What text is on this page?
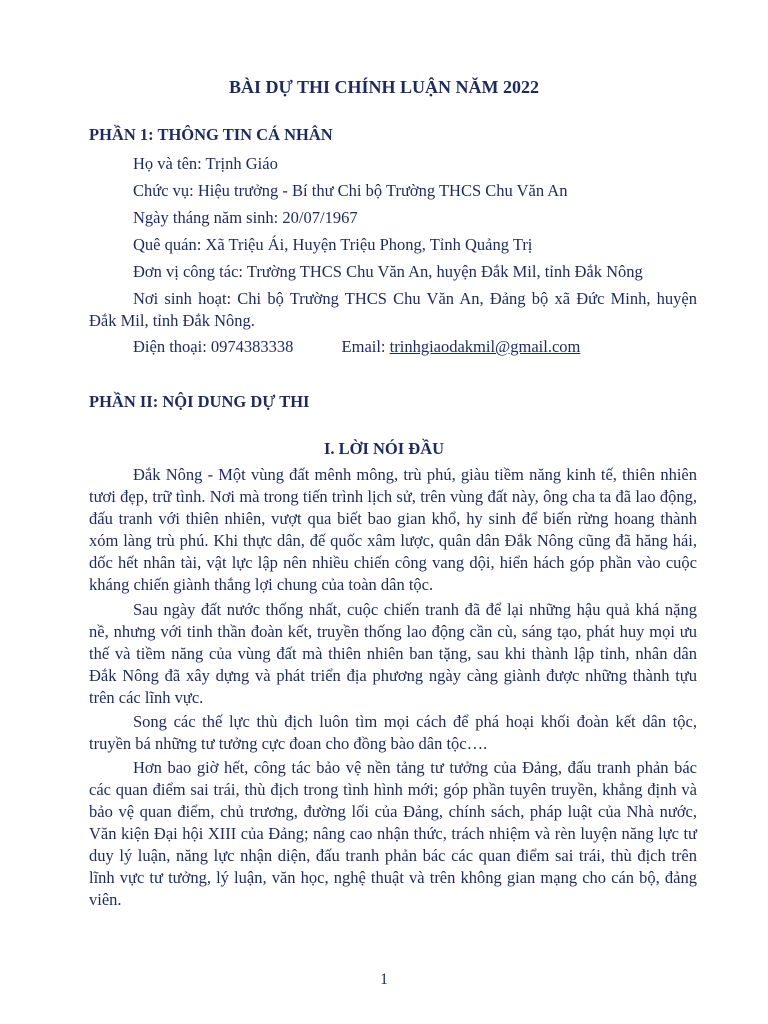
BÀI DỰ THI CHÍNH LUẬN NĂM 2022
PHẦN 1: THÔNG TIN CÁ NHÂN
Họ và tên: Trịnh Giáo
Chức vụ: Hiệu trưởng - Bí thư Chi bộ Trường THCS Chu Văn An
Ngày tháng năm sinh: 20/07/1967
Quê quán: Xã Triệu Ái, Huyện Triệu Phong, Tỉnh Quảng Trị
Đơn vị công tác: Trường THCS Chu Văn An, huyện Đắk Mil, tỉnh Đắk Nông
Nơi sinh hoạt: Chi bộ Trường THCS Chu Văn An, Đảng bộ xã Đức Minh, huyện Đắk Mil, tỉnh Đắk Nông.
Điện thoại: 0974383338	Email: trinhgiaodakmil@gmail.com
PHẦN II: NỘI DUNG DỰ THI
I. LỜI NÓI ĐẦU
Đắk Nông - Một vùng đất mênh mông, trù phú, giàu tiềm năng kinh tế, thiên nhiên tươi đẹp, trữ tình. Nơi mà trong tiến trình lịch sử, trên vùng đất này, ông cha ta đã lao động, đấu tranh với thiên nhiên, vượt qua biết bao gian khổ, hy sinh để biến rừng hoang thành xóm làng trù phú. Khi thực dân, đế quốc xâm lược, quân dân Đắk Nông cũng đã hăng hái, dốc hết nhân tài, vật lực lập nên nhiều chiến công vang dội, hiển hách góp phần vào cuộc kháng chiến giành thắng lợi chung của toàn dân tộc.
Sau ngày đất nước thống nhất, cuộc chiến tranh đã để lại những hậu quả khá nặng nề, nhưng với tinh thần đoàn kết, truyền thống lao động cần cù, sáng tạo, phát huy mọi ưu thế và tiềm năng của vùng đất mà thiên nhiên ban tặng, sau khi thành lập tỉnh, nhân dân Đắk Nông đã xây dựng và phát triển địa phương ngày càng giành được những thành tựu trên các lĩnh vực.
Song các thế lực thù địch luôn tìm mọi cách để phá hoại khối đoàn kết dân tộc, truyền bá những tư tưởng cực đoan cho đồng bào dân tộc….
Hơn bao giờ hết, công tác bảo vệ nền tảng tư tưởng của Đảng, đấu tranh phản bác các quan điểm sai trái, thù địch trong tình hình mới; góp phần tuyên truyền, khẳng định và bảo vệ quan điểm, chủ trương, đường lối của Đảng, chính sách, pháp luật của Nhà nước, Văn kiện Đại hội XIII của Đảng; nâng cao nhận thức, trách nhiệm và rèn luyện năng lực tư duy lý luận, năng lực nhận diện, đấu tranh phản bác các quan điểm sai trái, thù địch trên lĩnh vực tư tưởng, lý luận, văn học, nghệ thuật và trên không gian mạng cho cán bộ, đảng viên.
1
